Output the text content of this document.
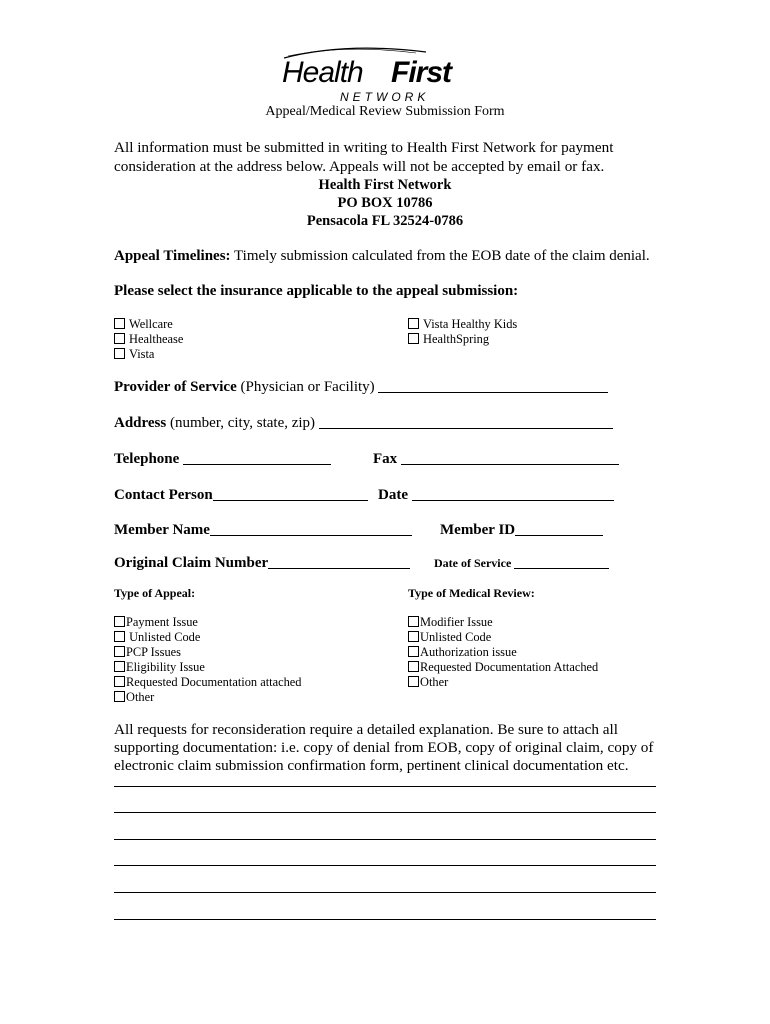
Health First
NETWORK
Appeal/Medical Review Submission Form
All information must be submitted in writing to Health First Network for payment
consideration at the address below. Appeals will not be accepted by email or fax.
Health First Network
PO BOX 10786
Pensacola FL 32524-0786
Appeal Timelines: Timely submission calculated from the EOB date of the claim denial.
Please select the insurance applicable to the appeal submission:
Wellcare
Healthease
Vista
Vista Healthy Kids
HealthSpring
Provider of Service (Physician or Facility)
Address (number, city, state, zip)
Telephone	Fax
Contact Person	Date
Member Name	Member ID
Original Claim Number	Date of Service
Type of Appeal:	Type of Medical Review:
Payment Issue
Unlisted Code
PCP Issues
Eligibility Issue
Requested Documentation attached
Other
Modifier Issue
Unlisted Code
Authorization issue
Requested Documentation Attached
Other
All requests for reconsideration require a detailed explanation. Be sure to attach all
supporting documentation: i.e. copy of denial from EOB, copy of original claim, copy of
electronic claim submission confirmation form, pertinent clinical documentation etc.
